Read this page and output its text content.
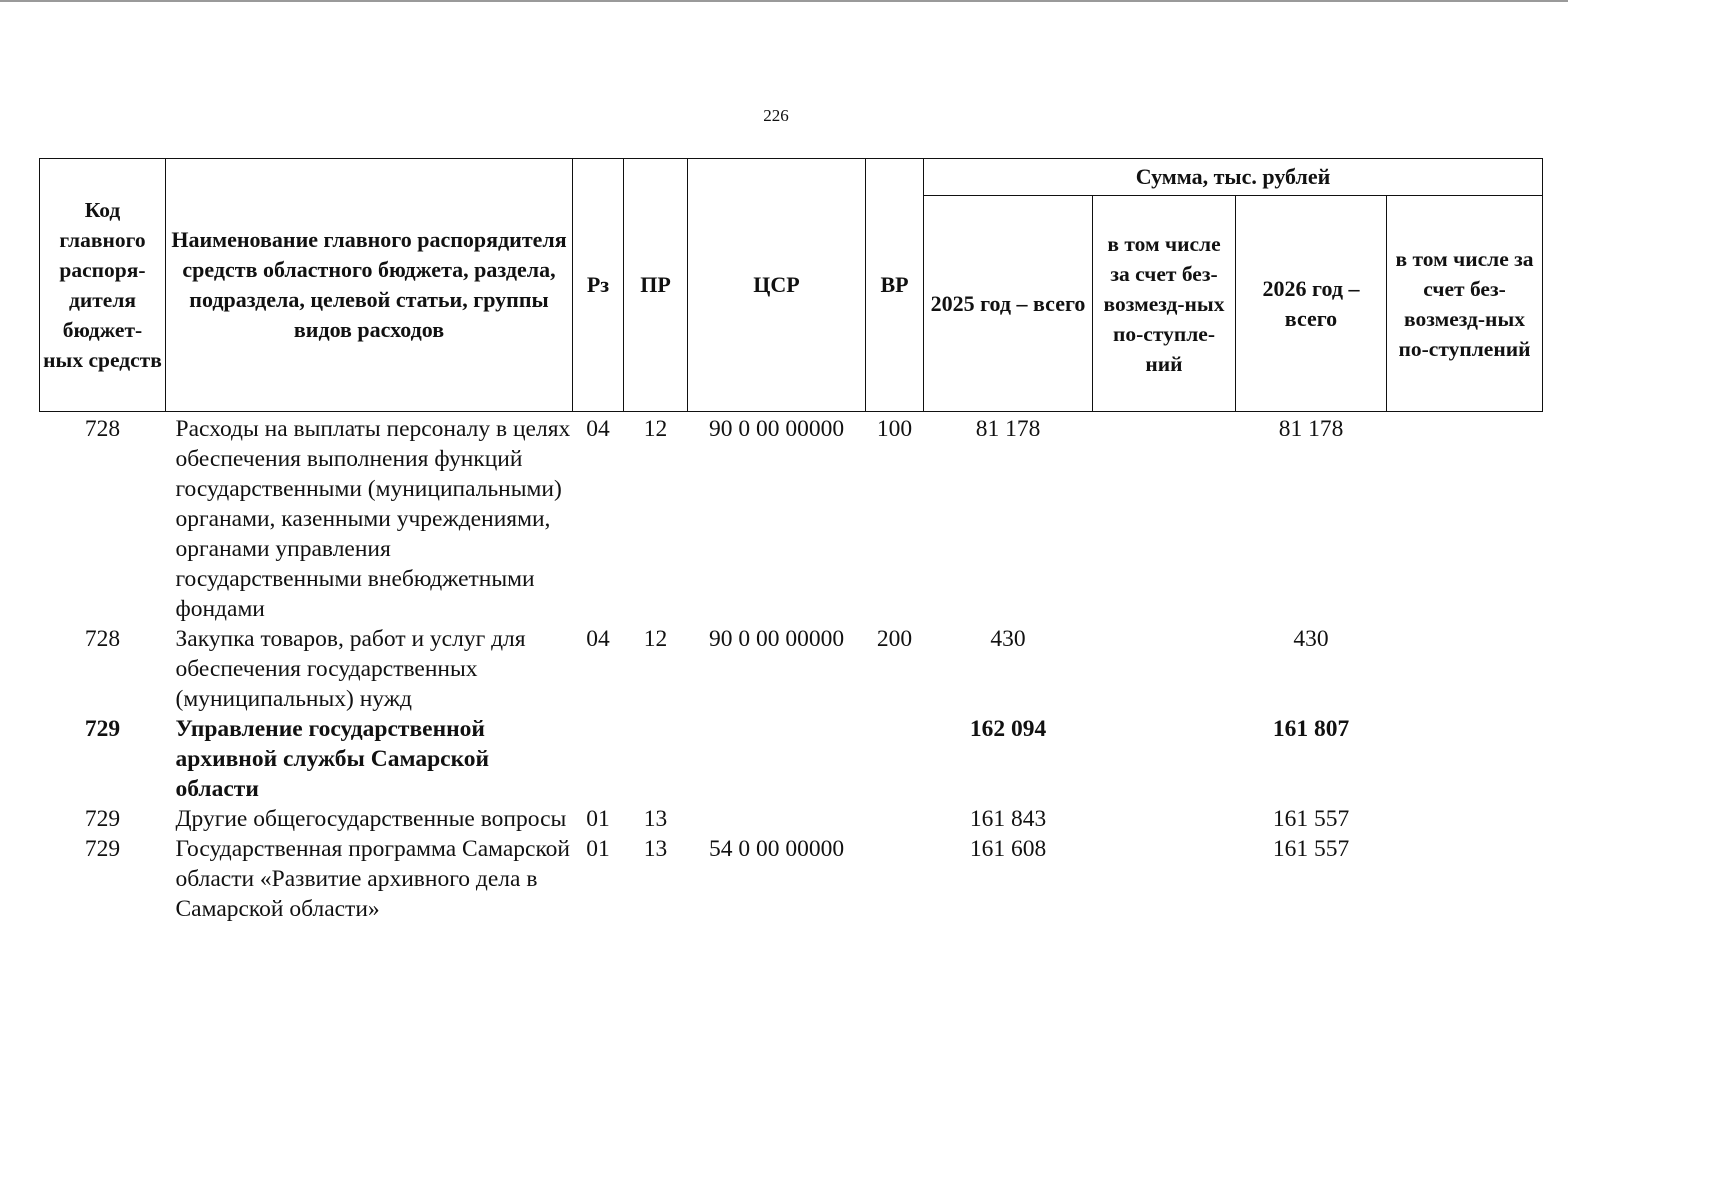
226
Код главного распоря-дителя бюджет-ных средств	Наименование главного распорядителя средств областного бюджета, раздела, подраздела, целевой статьи, группы видов расходов	Рз	ПР	ЦСР	ВР	Сумма, тыс. рублей			
						2025 год – всего	в том числе за счет без-возмезд-ных по-ступле-ний	2026 год – всего	в том числе за счет без-возмезд-ных по-ступлений
728	Расходы на выплаты персоналу в целях обеспечения выполнения функций государственными (муниципальными) органами, казенными учреждениями, органами управления государственными внебюджетными фондами	04	12	90 0 00 00000	100	81 178		81 178	
728	Закупка товаров, работ и услуг для обеспечения государственных (муниципальных) нужд	04	12	90 0 00 00000	200	430		430	
729	Управление государственной архивной службы Самарской области					162 094		161 807	
729	Другие общегосударственные вопросы	01	13			161 843		161 557	
729	Государственная программа Самарской области «Развитие архивного дела в Самарской области»	01	13	54 0 00 00000		161 608		161 557	
